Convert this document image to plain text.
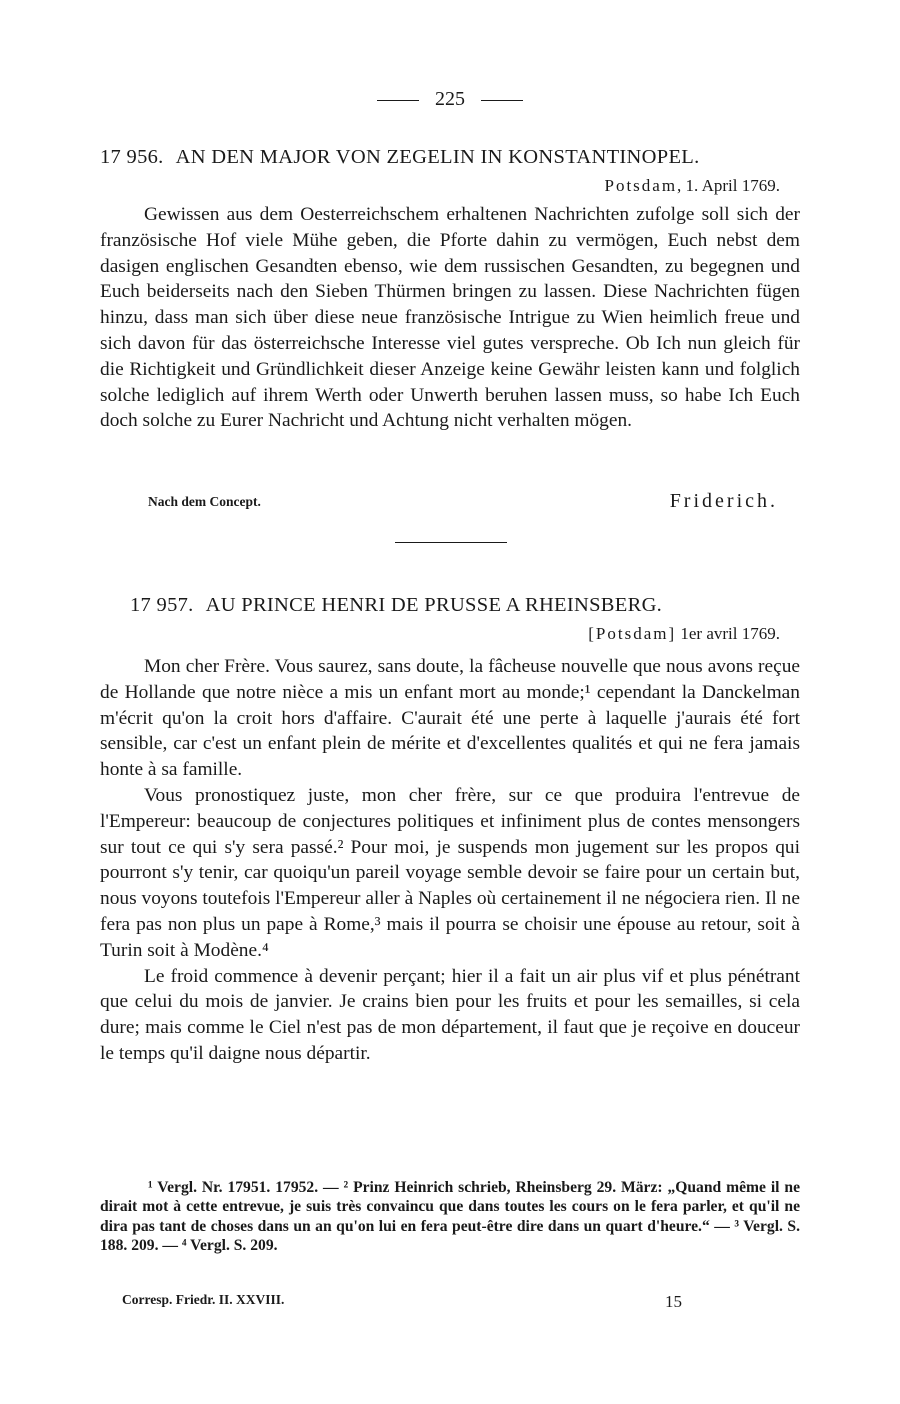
225
17 956. AN DEN MAJOR VON ZEGELIN IN KONSTANTINOPEL.
Potsdam, 1. April 1769.

Gewissen aus dem Oesterreichschem erhaltenen Nachrichten zufolge soll sich der französische Hof viele Mühe geben, die Pforte dahin zu vermögen, Euch nebst dem dasigen englischen Gesandten ebenso, wie dem russischen Gesandten, zu begegnen und Euch beiderseits nach den Sieben Thürmen bringen zu lassen. Diese Nachrichten fügen hinzu, dass man sich über diese neue französische Intrigue zu Wien heimlich freue und sich davon für das österreichsche Interesse viel gutes verspreche. Ob Ich nun gleich für die Richtigkeit und Gründlichkeit dieser Anzeige keine Gewähr leisten kann und folglich solche lediglich auf ihrem Werth oder Unwerth beruhen lassen muss, so habe Ich Euch doch solche zu Eurer Nachricht und Achtung nicht verhalten mögen.

Nach dem Concept.	Friderich.
17 957. AU PRINCE HENRI DE PRUSSE A RHEINSBERG.
[Potsdam] 1er avril 1769.

Mon cher Frère. Vous saurez, sans doute, la fâcheuse nouvelle que nous avons reçue de Hollande que notre nièce a mis un enfant mort au monde;¹ cependant la Danckelman m'écrit qu'on la croit hors d'affaire. C'aurait été une perte à laquelle j'aurais été fort sensible, car c'est un enfant plein de mérite et d'excellentes qualités et qui ne fera jamais honte à sa famille.

Vous pronostiquez juste, mon cher frère, sur ce que produira l'entrevue de l'Empereur: beaucoup de conjectures politiques et infiniment plus de contes mensongers sur tout ce qui s'y sera passé.² Pour moi, je suspends mon jugement sur les propos qui pourront s'y tenir, car quoiqu'un pareil voyage semble devoir se faire pour un certain but, nous voyons toutefois l'Empereur aller à Naples où certainement il ne négociera rien. Il ne fera pas non plus un pape à Rome,³ mais il pourra se choisir une épouse au retour, soit à Turin soit à Modène.⁴

Le froid commence à devenir perçant; hier il a fait un air plus vif et plus pénétrant que celui du mois de janvier. Je crains bien pour les fruits et pour les semailles, si cela dure; mais comme le Ciel n'est pas de mon département, il faut que je reçoive en douceur le temps qu'il daigne nous départir.

¹ Vergl. Nr. 17951. 17952. — ² Prinz Heinrich schrieb, Rheinsberg 29. März: „Quand même il ne dirait mot à cette entrevue, je suis très convaincu que dans toutes les cours on le fera parler, et qu'il ne dira pas tant de choses dans un an qu'on lui en fera peut-être dire dans un quart d'heure.“ — ³ Vergl. S. 188. 209. — ⁴ Vergl. S. 209.

Corresp. Friedr. II. XXVIII.	15
